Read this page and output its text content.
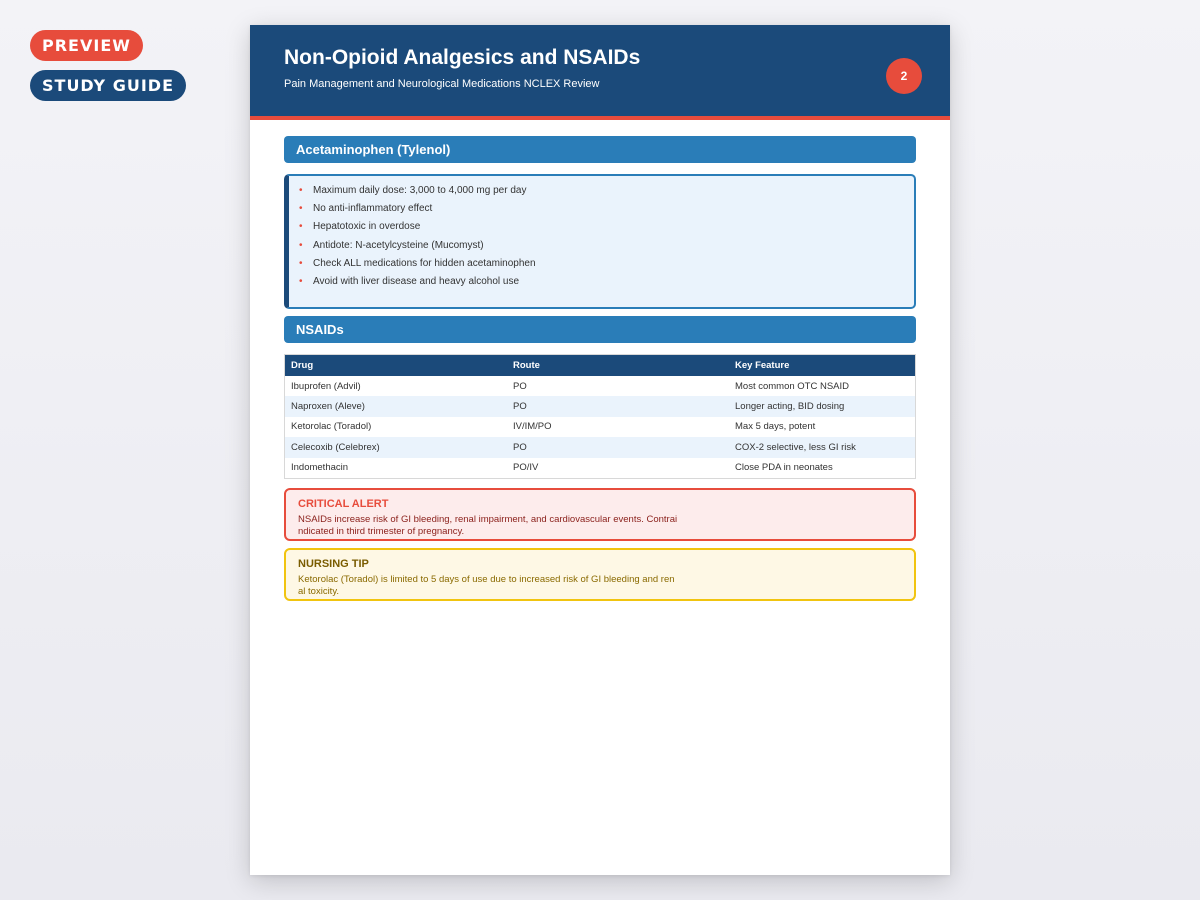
PREVIEW
STUDY GUIDE
Non-Opioid Analgesics and NSAIDs
Pain Management and Neurological Medications NCLEX Review
2
Acetaminophen (Tylenol)
• Maximum daily dose: 3,000 to 4,000 mg per day
• No anti-inflammatory effect
• Hepatotoxic in overdose
• Antidote: N-acetylcysteine (Mucomyst)
• Check ALL medications for hidden acetaminophen
• Avoid with liver disease and heavy alcohol use
NSAIDs
Drug	Route	Key Feature
Ibuprofen (Advil)	PO	Most common OTC NSAID
Naproxen (Aleve)	PO	Longer acting, BID dosing
Ketorolac (Toradol)	IV/IM/PO	Max 5 days, potent
Celecoxib (Celebrex)	PO	COX-2 selective, less GI risk
Indomethacin	PO/IV	Close PDA in neonates
CRITICAL ALERT
NSAIDs increase risk of GI bleeding, renal impairment, and cardiovascular events. Contraindicated in third trimester of pregnancy.
NURSING TIP
Ketorolac (Toradol) is limited to 5 days of use due to increased risk of GI bleeding and renal toxicity.
